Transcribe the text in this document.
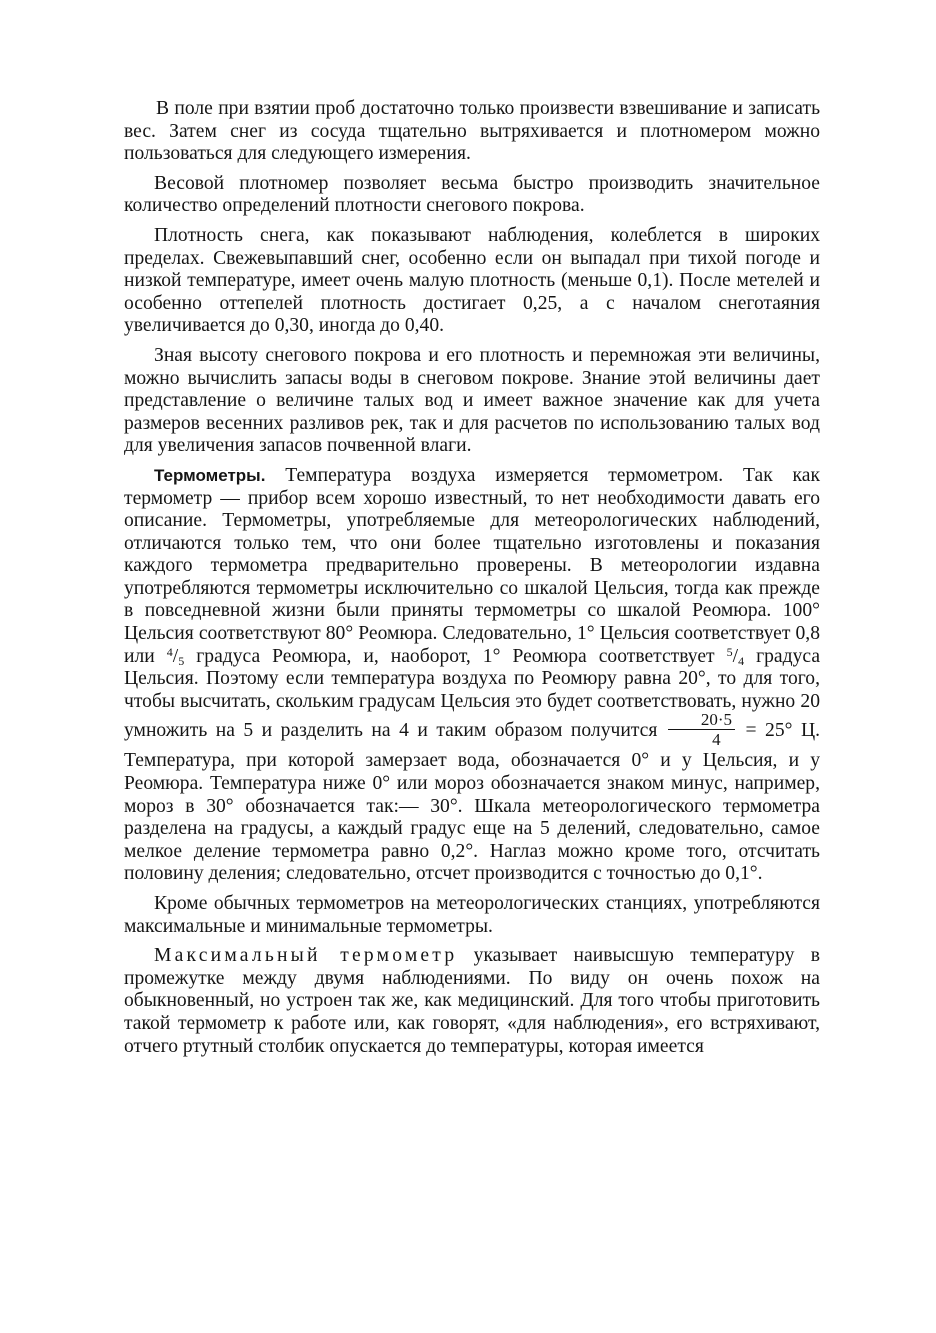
В поле при взятии проб достаточно только произвести взвешивание и записать вес. Затем снег из сосуда тщательно вытряхивается и плотномером можно пользоваться для следующего измерения.

Весовой плотномер позволяет весьма быстро производить значительное количество определений плотности снегового покрова.

Плотность снега, как показывают наблюдения, колеблется в широких пределах. Свежевыпавший снег, особенно если он выпадал при тихой погоде и низкой температуре, имеет очень малую плотность (меньше 0,1). После метелей и особенно оттепелей плотность достигает 0,25, а с началом снеготаяния увеличивается до 0,30, иногда до 0,40.

Зная высоту снегового покрова и его плотность и перемножая эти величины, можно вычислить запасы воды в снеговом покрове. Знание этой величины дает представление о величине талых вод и имеет важное значение как для учета размеров весенних разливов рек, так и для расчетов по использованию талых вод для увеличения запасов почвенной влаги.

Термометры. Температура воздуха измеряется термометром. Так как термометр — прибор всем хорошо известный, то нет необходимости давать его описание. Термометры, употребляемые для метеорологических наблюдений, отличаются только тем, что они более тщательно изготовлены и показания каждого термометра предварительно проверены. В метеорологии издавна употребляются термометры исключительно со шкалой Цельсия, тогда как прежде в повседневной жизни были приняты термометры со шкалой Реомюра. 100° Цельсия соответствуют 80° Реомюра. Следовательно, 1° Цельсия соответствует 0,8 или $^4/_5$ градуса Реомюра, и, наоборот, 1° Реомюра соответствует $^5/_4$ градуса Цельсия. Поэтому если температура воздуха по Реомюру равна 20°, то для того, чтобы высчитать, скольким градусам Цельсия это будет соответствовать, нужно 20 умножить на 5 и разделить на 4 и таким образом получится $\frac{20\cdot 5}{4} = 25^\circ$ Ц. Температура, при которой замерзает вода, обозначается 0° и у Цельсия, и у Реомюра. Температура ниже 0° или мороз обозначается знаком минус, например, мороз в 30° обозначается так:— 30°. Шкала метеорологического термометра разделена на градусы, а каждый градус еще на 5 делений, следовательно, самое мелкое деление термометра равно 0,2°. Наглаз можно кроме того, отсчитать половину деления; следовательно, отсчет производится с точностью до 0,1°.

Кроме обычных термометров на метеорологических станциях, употребляются максимальные и минимальные термометры.

Максимальный термометр указывает наивысшую температуру в промежутке между двумя наблюдениями. По виду он очень похож на обыкновенный, но устроен так же, как медицинский. Для того чтобы приготовить такой термометр к работе или, как говорят, «для наблюдения», его встряхивают, отчего ртутный столбик опускается до температуры, которая имеется
